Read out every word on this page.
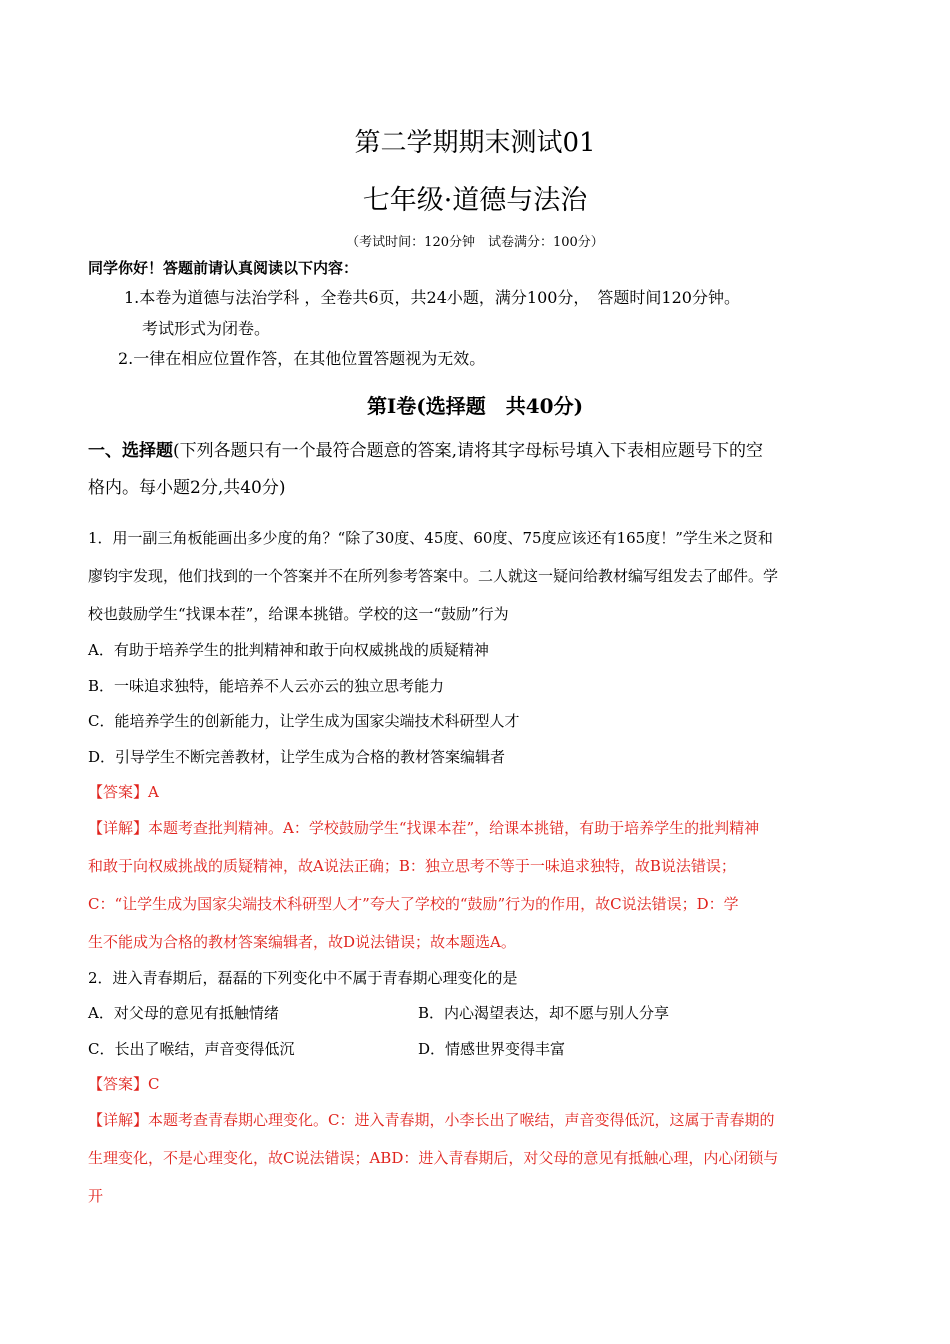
第二学期期末测试01
七年级·道德与法治
（考试时间：120分钟　试卷满分：100分）
同学你好！答题前请认真阅读以下内容：
1.本卷为道德与法治学科 ，全卷共6页，共24小题，满分100分，　答题时间120分钟。
考试形式为闭卷。
2.一律在相应位置作答，在其他位置答题视为无效。
第Ⅰ卷(选择题　共40分)
一、选择题(下列各题只有一个最符合题意的答案,请将其字母标号填入下表相应题号下的空
格内。每小题2分,共40分)
1．用一副三角板能画出多少度的角？“除了30度、45度、60度、75度应该还有165度！”学生米之贤和
廖钧宇发现，他们找到的一个答案并不在所列参考答案中。二人就这一疑问给教材编写组发去了邮件。学
校也鼓励学生“找课本茬”，给课本挑错。学校的这一“鼓励”行为
A．有助于培养学生的批判精神和敢于向权威挑战的质疑精神
B．一味追求独特，能培养不人云亦云的独立思考能力
C．能培养学生的创新能力，让学生成为国家尖端技术科研型人才
D．引导学生不断完善教材，让学生成为合格的教材答案编辑者
【答案】A
【详解】本题考查批判精神。A：学校鼓励学生“找课本茬”，给课本挑错，有助于培养学生的批判精神
和敢于向权威挑战的质疑精神，故A说法正确；B：独立思考不等于一味追求独特，故B说法错误；
C：“让学生成为国家尖端技术科研型人才”夸大了学校的“鼓励”行为的作用，故C说法错误；D：学
生不能成为合格的教材答案编辑者，故D说法错误；故本题选A。
2．进入青春期后，磊磊的下列变化中不属于青春期心理变化的是
A．对父母的意见有抵触情绪	B．内心渴望表达，却不愿与别人分享
C．长出了喉结，声音变得低沉	D．情感世界变得丰富
【答案】C
【详解】本题考查青春期心理变化。C：进入青春期，小李长出了喉结，声音变得低沉，这属于青春期的
生理变化，不是心理变化，故C说法错误；ABD：进入青春期后，对父母的意见有抵触心理，内心闭锁与
开
